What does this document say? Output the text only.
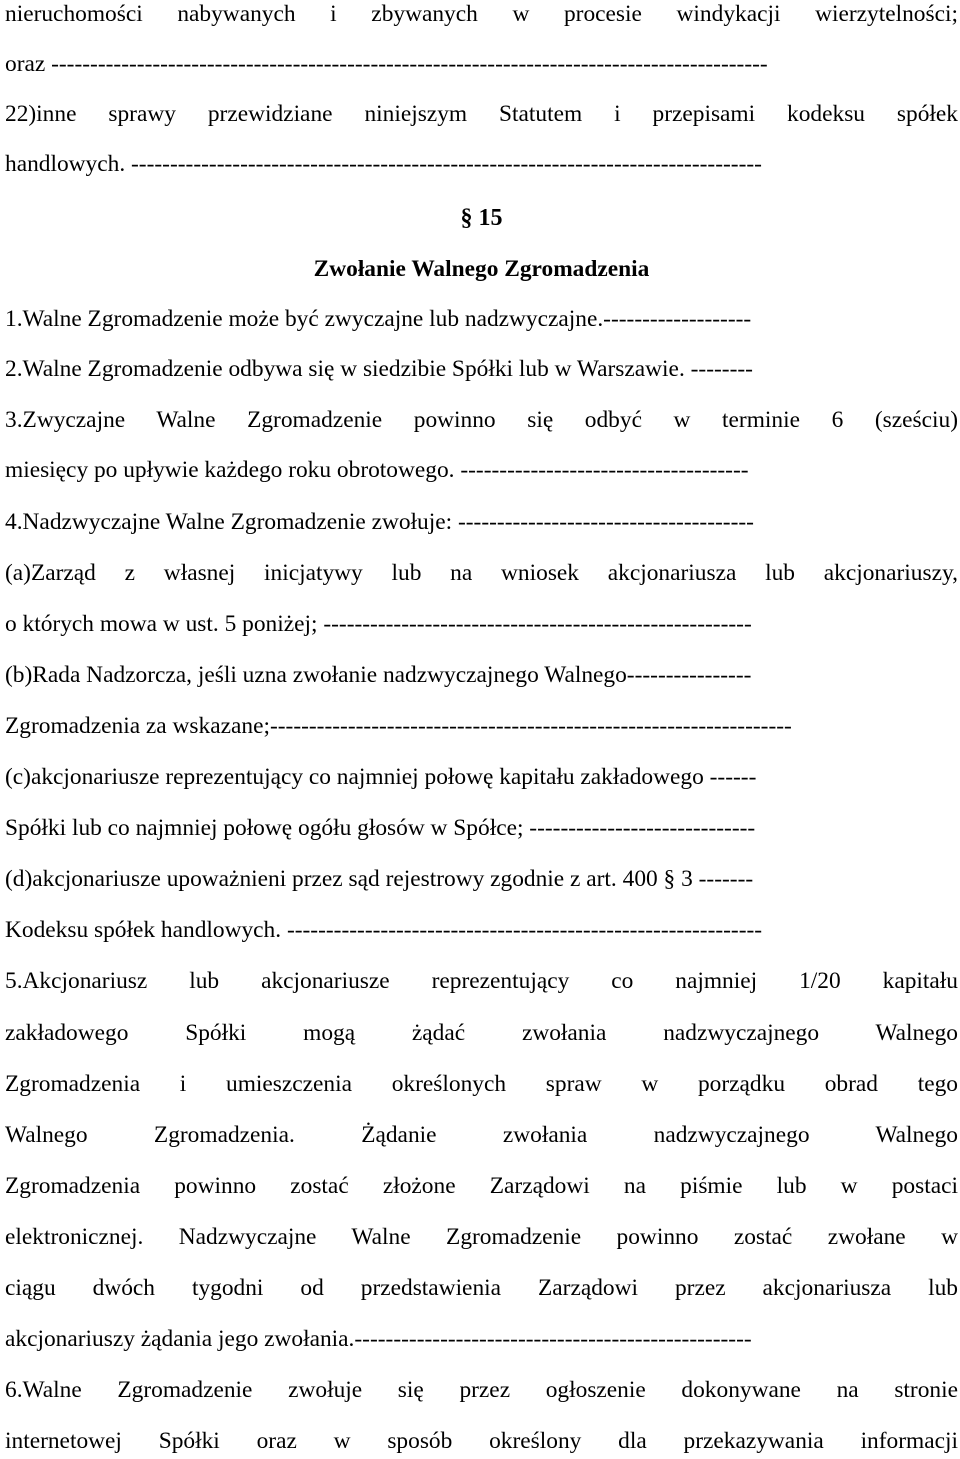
nieruchomości nabywanych i zbywanych w procesie windykacji wierzytelności;
oraz --------------------------------------------------------------------------------------------
22)inne sprawy przewidziane niniejszym Statutem i przepisami kodeksu spółek
handlowych. ---------------------------------------------------------------------------------
§ 15
Zwołanie Walnego Zgromadzenia
1.Walne Zgromadzenie może być zwyczajne lub nadzwyczajne.-------------------
2.Walne Zgromadzenie odbywa się w siedzibie Spółki lub w Warszawie. --------
3.Zwyczajne Walne Zgromadzenie powinno się odbyć w terminie 6 (sześciu)
miesięcy po upływie każdego roku obrotowego. -------------------------------------
4.Nadzwyczajne Walne Zgromadzenie zwołuje: --------------------------------------
(a)Zarząd z własnej inicjatywy lub na wniosek akcjonariusza lub akcjonariuszy,
o których mowa w ust. 5 poniżej; -------------------------------------------------------
(b)Rada Nadzorcza, jeśli uzna zwołanie nadzwyczajnego Walnego----------------
Zgromadzenia za wskazane;-------------------------------------------------------------------
(c)akcjonariusze reprezentujący co najmniej połowę kapitału zakładowego ------
Spółki lub co najmniej połowę ogółu głosów w Spółce; -----------------------------
(d)akcjonariusze upoważnieni przez sąd rejestrowy zgodnie z art. 400 § 3 -------
Kodeksu spółek handlowych. -------------------------------------------------------------
5.Akcjonariusz lub akcjonariusze reprezentujący co najmniej 1/20 kapitału
zakładowego Spółki mogą żądać zwołania nadzwyczajnego Walnego
Zgromadzenia i umieszczenia określonych spraw w porządku obrad tego
Walnego Zgromadzenia. Żądanie zwołania nadzwyczajnego Walnego
Zgromadzenia powinno zostać złożone Zarządowi na piśmie lub w postaci
elektronicznej. Nadzwyczajne Walne Zgromadzenie powinno zostać zwołane w
ciągu dwóch tygodni od przedstawienia Zarządowi przez akcjonariusza lub
akcjonariuszy żądania jego zwołania.---------------------------------------------------
6.Walne Zgromadzenie zwołuje się przez ogłoszenie dokonywane na stronie
internetowej Spółki oraz w sposób określony dla przekazywania informacji
